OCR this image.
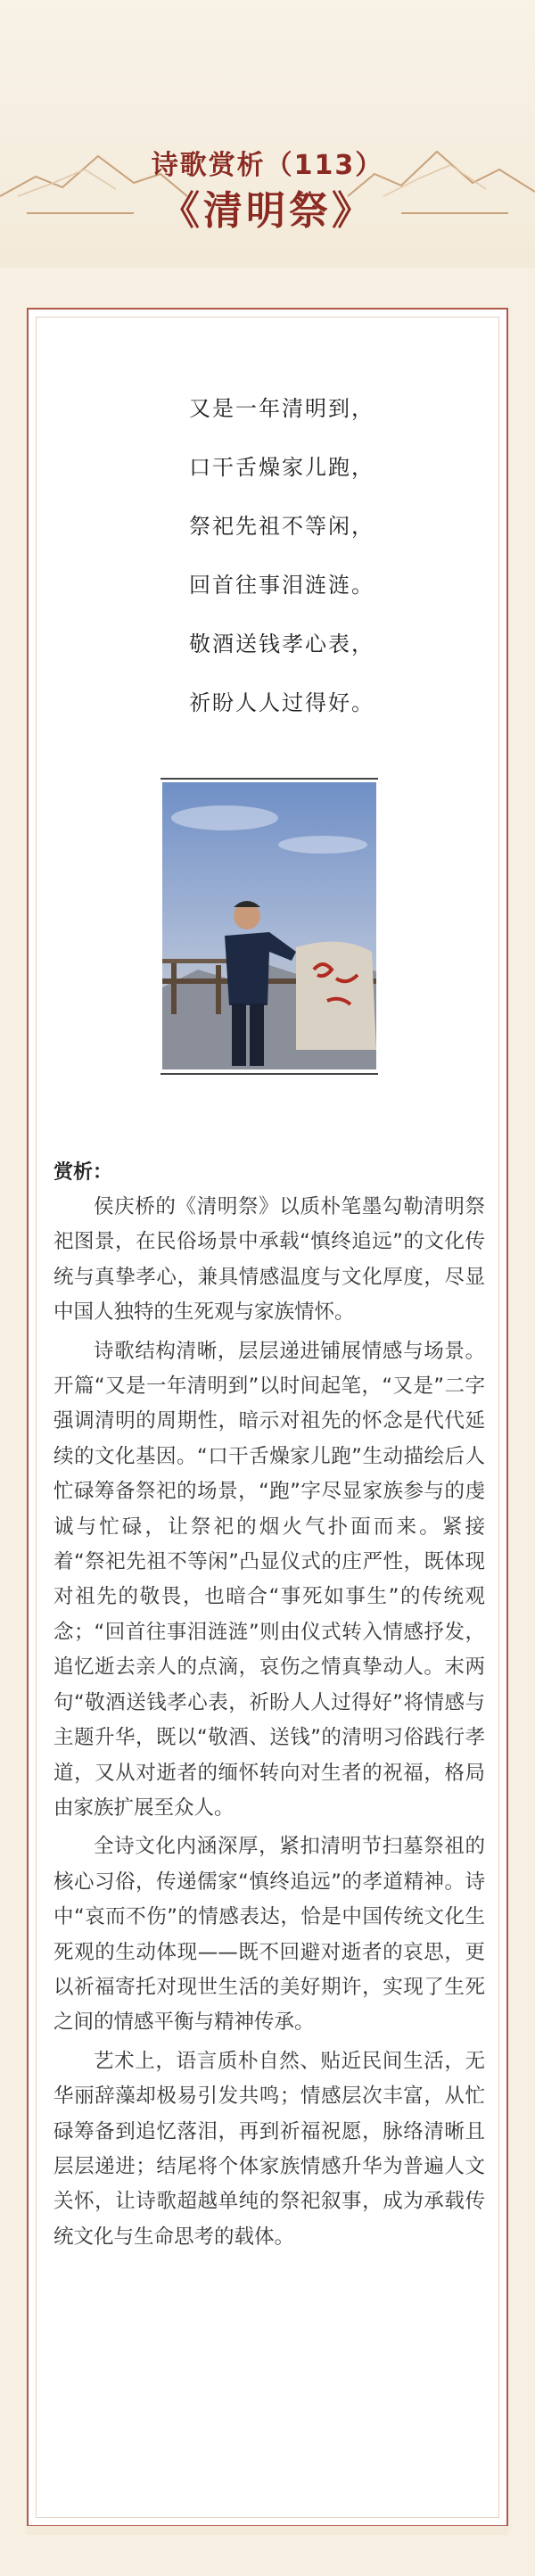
诗歌赏析（113）
《清明祭》
又是一年清明到，
口干舌燥家儿跑，
祭祀先祖不等闲，
回首往事泪涟涟。
敬酒送钱孝心表，
祈盼人人过得好。
赏析：

侯庆桥的《清明祭》以质朴笔墨勾勒清明祭祀图景，在民俗场景中承载“慎终追远”的文化传统与真挚孝心，兼具情感温度与文化厚度，尽显中国人独特的生死观与家族情怀。

诗歌结构清晰，层层递进铺展情感与场景。开篇“又是一年清明到”以时间起笔，“又是”二字强调清明的周期性，暗示对祖先的怀念是代代延续的文化基因。“口干舌燥家儿跑”生动描绘后人忙碌筹备祭祀的场景，“跑”字尽显家族参与的虔诚与忙碌，让祭祀的烟火气扑面而来。紧接着“祭祀先祖不等闲”凸显仪式的庄严性，既体现对祖先的敬畏，也暗合“事死如事生”的传统观念；“回首往事泪涟涟”则由仪式转入情感抒发，追忆逝去亲人的点滴，哀伤之情真挚动人。末两句“敬酒送钱孝心表，祈盼人人过得好”将情感与主题升华，既以“敬酒、送钱”的清明习俗践行孝道，又从对逝者的缅怀转向对生者的祝福，格局由家族扩展至众人。

全诗文化内涵深厚，紧扣清明节扫墓祭祖的核心习俗，传递儒家“慎终追远”的孝道精神。诗中“哀而不伤”的情感表达，恰是中国传统文化生死观的生动体现——既不回避对逝者的哀思，更以祈福寄托对现世生活的美好期许，实现了生死之间的情感平衡与精神传承。

艺术上，语言质朴自然、贴近民间生活，无华丽辞藻却极易引发共鸣；情感层次丰富，从忙碌筹备到追忆落泪，再到祈福祝愿，脉络清晰且层层递进；结尾将个体家族情感升华为普遍人文关怀，让诗歌超越单纯的祭祀叙事，成为承载传统文化与生命思考的载体。
